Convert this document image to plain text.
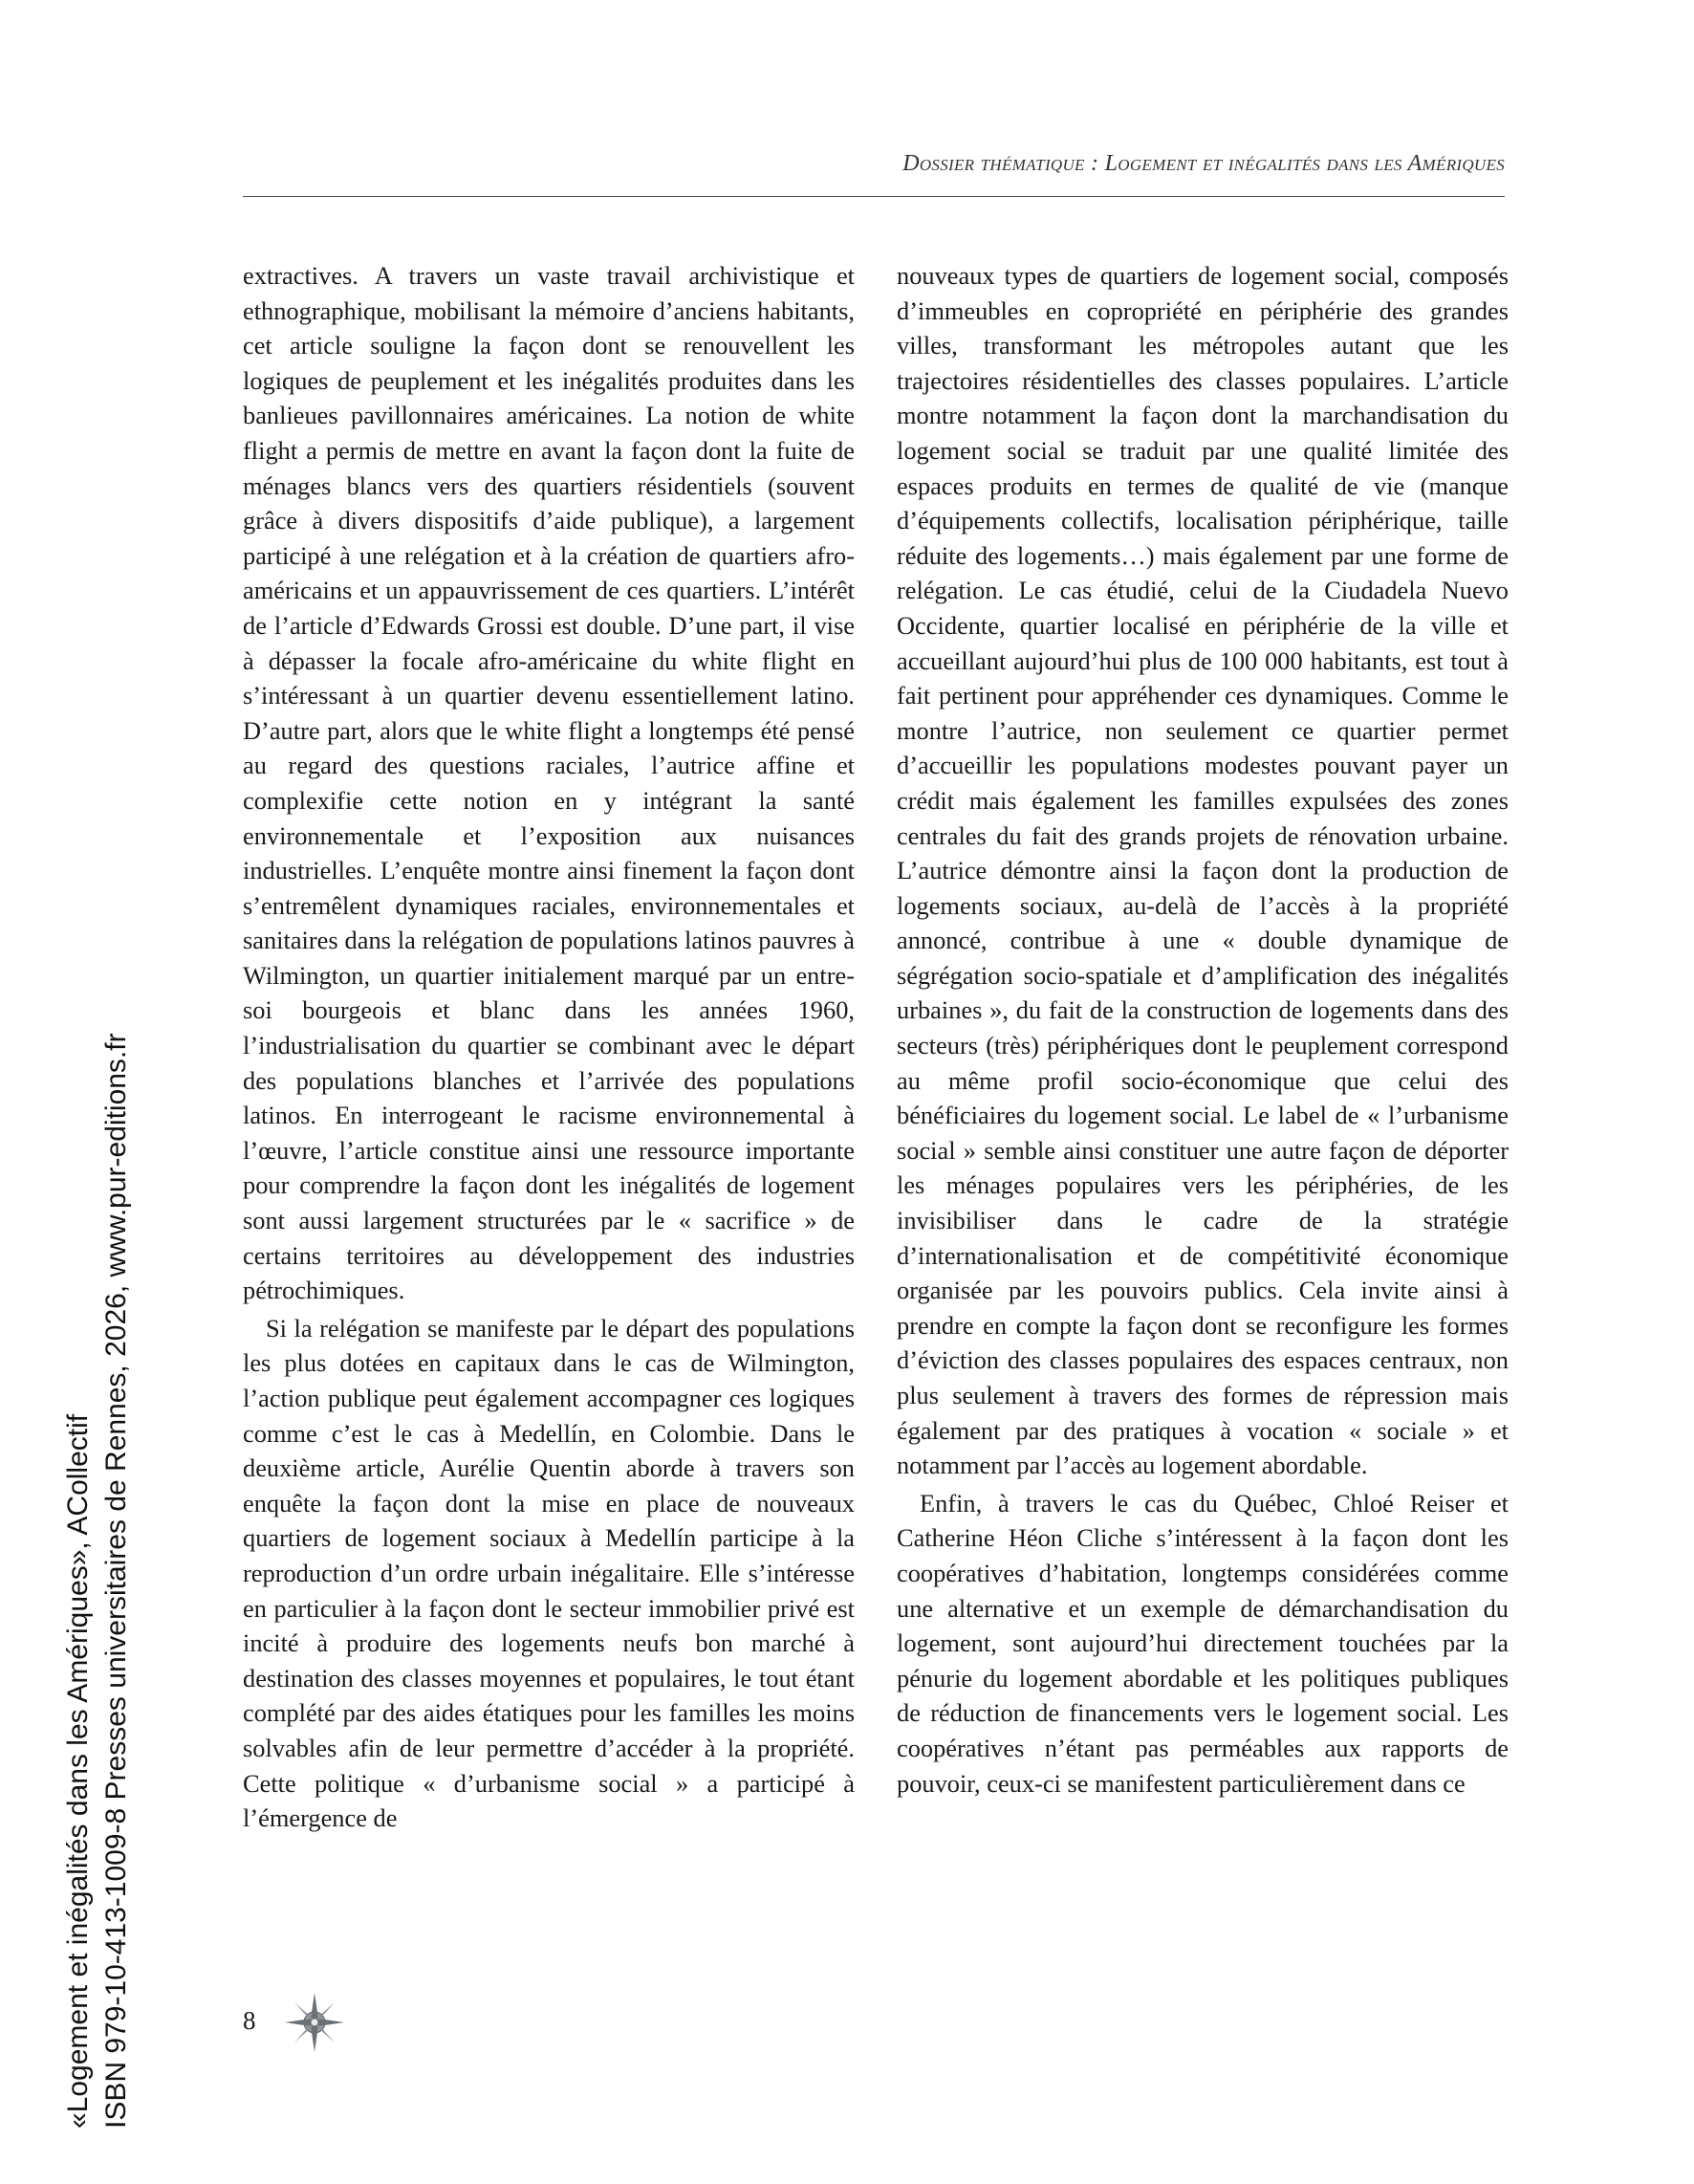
Dossier thématique : Logement et inégalités dans les Amériques

extractives. A travers un vaste travail archivistique et ethnographique, mobilisant la mémoire d’anciens habitants, cet article souligne la façon dont se renouvellent les logiques de peuplement et les inégalités produites dans les banlieues pavillonnaires américaines. La notion de white flight a permis de mettre en avant la façon dont la fuite de ménages blancs vers des quartiers résidentiels (souvent grâce à divers dispositifs d’aide publique), a largement participé à une relégation et à la création de quartiers afro-américains et un appauvrissement de ces quartiers. L’intérêt de l’article d’Edwards Grossi est double. D’une part, il vise à dépasser la focale afro-américaine du white flight en s’intéressant à un quartier devenu essentiellement latino. D’autre part, alors que le white flight a longtemps été pensé au regard des questions raciales, l’autrice affine et complexifie cette notion en y intégrant la santé environnementale et l’exposition aux nuisances industrielles. L’enquête montre ainsi finement la façon dont s’entremêlent dynamiques raciales, environnementales et sanitaires dans la relégation de populations latinos pauvres à Wilmington, un quartier initialement marqué par un entre-soi bourgeois et blanc dans les années 1960, l’industrialisation du quartier se combinant avec le départ des populations blanches et l’arrivée des populations latinos. En interrogeant le racisme environnemental à l’œuvre, l’article constitue ainsi une ressource importante pour comprendre la façon dont les inégalités de logement sont aussi largement structurées par le « sacrifice » de certains territoires au développement des industries pétrochimiques.

Si la relégation se manifeste par le départ des populations les plus dotées en capitaux dans le cas de Wilmington, l’action publique peut également accompagner ces logiques comme c’est le cas à Medellín, en Colombie. Dans le deuxième article, Aurélie Quentin aborde à travers son enquête la façon dont la mise en place de nouveaux quartiers de logement sociaux à Medellín participe à la reproduction d’un ordre urbain inégalitaire. Elle s’intéresse en particulier à la façon dont le secteur immobilier privé est incité à produire des logements neufs bon marché à destination des classes moyennes et populaires, le tout étant complété par des aides étatiques pour les familles les moins solvables afin de leur permettre d’accéder à la propriété. Cette politique « d’urbanisme social » a participé à l’émergence de

nouveaux types de quartiers de logement social, composés d’immeubles en copropriété en périphérie des grandes villes, transformant les métropoles autant que les trajectoires résidentielles des classes populaires. L’article montre notamment la façon dont la marchandisation du logement social se traduit par une qualité limitée des espaces produits en termes de qualité de vie (manque d’équipements collectifs, localisation périphérique, taille réduite des logements…) mais également par une forme de relégation. Le cas étudié, celui de la Ciudadela Nuevo Occidente, quartier localisé en périphérie de la ville et accueillant aujourd’hui plus de 100 000 habitants, est tout à fait pertinent pour appréhender ces dynamiques. Comme le montre l’autrice, non seulement ce quartier permet d’accueillir les populations modestes pouvant payer un crédit mais également les familles expulsées des zones centrales du fait des grands projets de rénovation urbaine. L’autrice démontre ainsi la façon dont la production de logements sociaux, au-delà de l’accès à la propriété annoncé, contribue à une « double dynamique de ségrégation socio-spatiale et d’amplification des inégalités urbaines », du fait de la construction de logements dans des secteurs (très) périphériques dont le peuplement correspond au même profil socio-économique que celui des bénéficiaires du logement social. Le label de « l’urbanisme social » semble ainsi constituer une autre façon de déporter les ménages populaires vers les périphéries, de les invisibiliser dans le cadre de la stratégie d’internationalisation et de compétitivité économique organisée par les pouvoirs publics. Cela invite ainsi à prendre en compte la façon dont se reconfigure les formes d’éviction des classes populaires des espaces centraux, non plus seulement à travers des formes de répression mais également par des pratiques à vocation « sociale » et notamment par l’accès au logement abordable.

Enfin, à travers le cas du Québec, Chloé Reiser et Catherine Héon Cliche s’intéressent à la façon dont les coopératives d’habitation, longtemps considérées comme une alternative et un exemple de démarchandisation du logement, sont aujourd’hui directement touchées par la pénurie du logement abordable et les politiques publiques de réduction de financements vers le logement social. Les coopératives n’étant pas perméables aux rapports de pouvoir, ceux-ci se manifestent particulièrement dans ce

8
«Logement et inégalités dans les Amériques», ACollectif ISBN 979-10-413-1009-8 Presses universitaires de Rennes, 2026, www.pur-editions.fr
